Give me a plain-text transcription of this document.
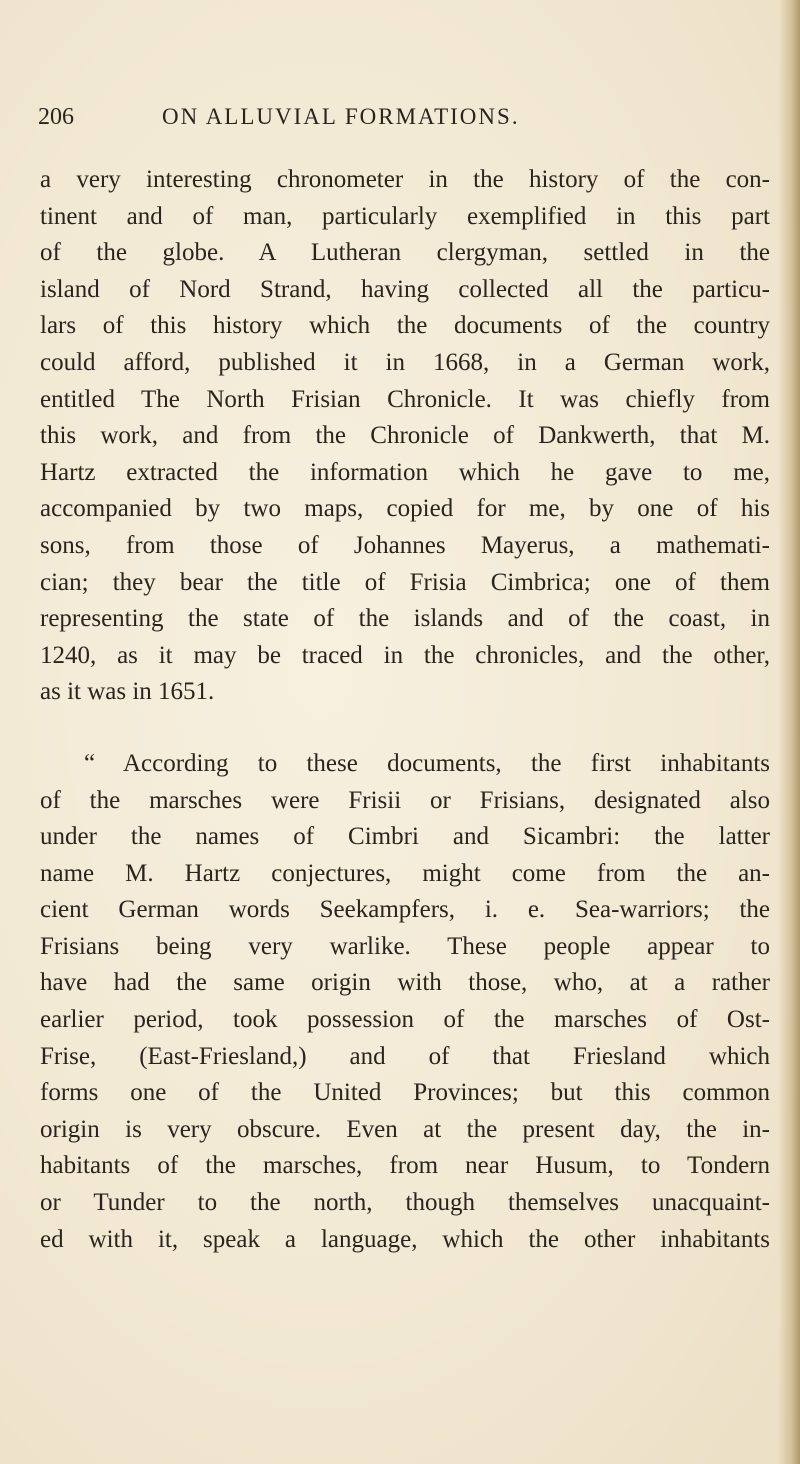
206	ON ALLUVIAL FORMATIONS.
a very interesting chronometer in the history of the con-
tinent and of man, particularly exemplified in this part
of the globe. A Lutheran clergyman, settled in the
island of Nord Strand, having collected all the particu-
lars of this history which the documents of the country
could afford, published it in 1668, in a German work,
entitled The North Frisian Chronicle. It was chiefly from
this work, and from the Chronicle of Dankwerth, that M.
Hartz extracted the information which he gave to me,
accompanied by two maps, copied for me, by one of his
sons, from those of Johannes Mayerus, a mathemati-
cian; they bear the title of Frisia Cimbrica; one of them
representing the state of the islands and of the coast, in
1240, as it may be traced in the chronicles, and the other,
as it was in 1651.
“ According to these documents, the first inhabitants
of the marsches were Frisii or Frisians, designated also
under the names of Cimbri and Sicambri: the latter
name M. Hartz conjectures, might come from the an-
cient German words Seekampfers, i. e. Sea-warriors; the
Frisians being very warlike. These people appear to
have had the same origin with those, who, at a rather
earlier period, took possession of the marsches of Ost-
Frise, (East-Friesland,) and of that Friesland which
forms one of the United Provinces; but this common
origin is very obscure. Even at the present day, the in-
habitants of the marsches, from near Husum, to Tondern
or Tunder to the north, though themselves unacquaint-
ed with it, speak a language, which the other inhabitants
